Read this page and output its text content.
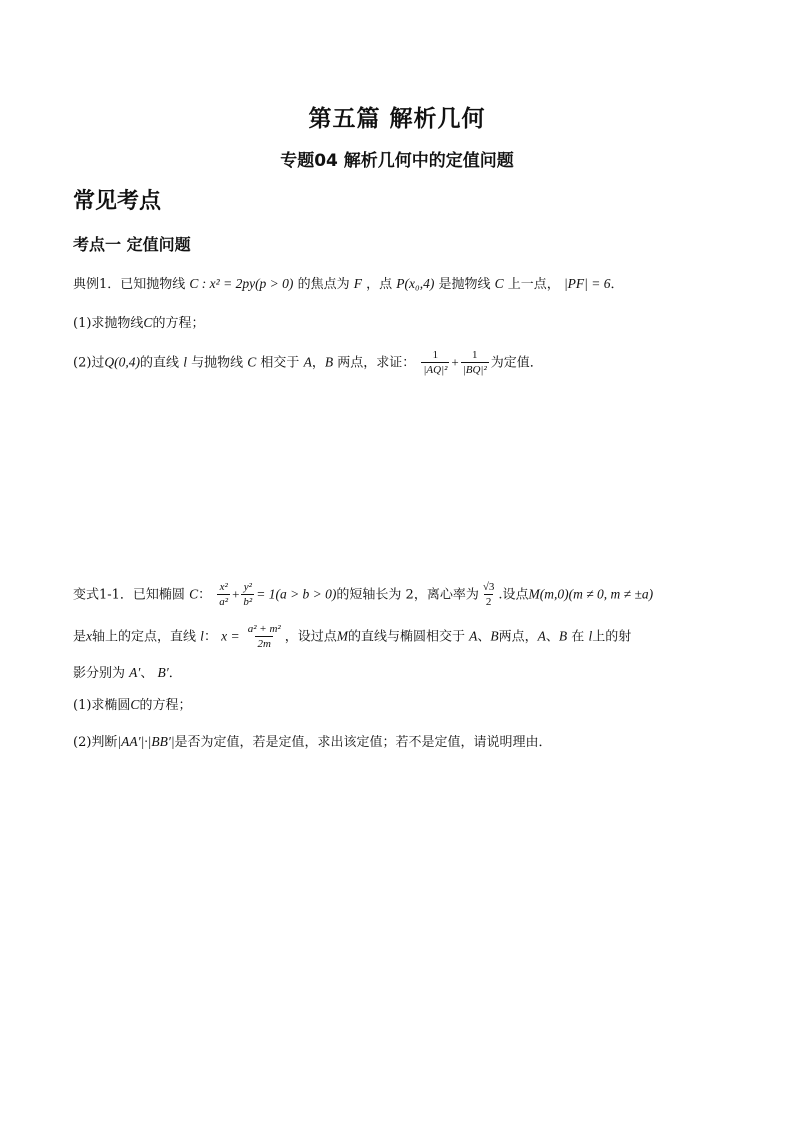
第五篇 解析几何
专题04 解析几何中的定值问题
常见考点
考点一 定值问题
典例1．已知抛物线 C : x² = 2py(p > 0) 的焦点为 F ，点 P(x₀,4) 是抛物线 C 上一点， |PF| = 6．
(1)求抛物线C的方程；
(2)过Q(0,4)的直线 l 与抛物线 C 相交于 A，B 两点，求证： $\frac{1}{\text{|AQ|²}} + \frac{1}{\text{|BQ|²}}$ 为定值．
变式1-1．已知椭圆 C： $\frac{\text{x²}}{\text{a²}} + \frac{\text{y²}}{\text{b²}} = 1(a > b > 0)$的短轴长为 2，离心率为 $\frac{√3}{2}$ .设点M(m,0)(m ≠ 0, m ≠ ±a)
是x轴上的定点，直线 l： $x = \frac{\text{a² + m²}}{2m}$ ，设过点M的直线与椭圆相交于 A、B两点，A、B 在 l上的射
影分别为 A′、 B′．
(1)求椭圆C的方程；
(2)判断|AA′|·|BB′|是否为定值，若是定值，求出该定值；若不是定值，请说明理由．
